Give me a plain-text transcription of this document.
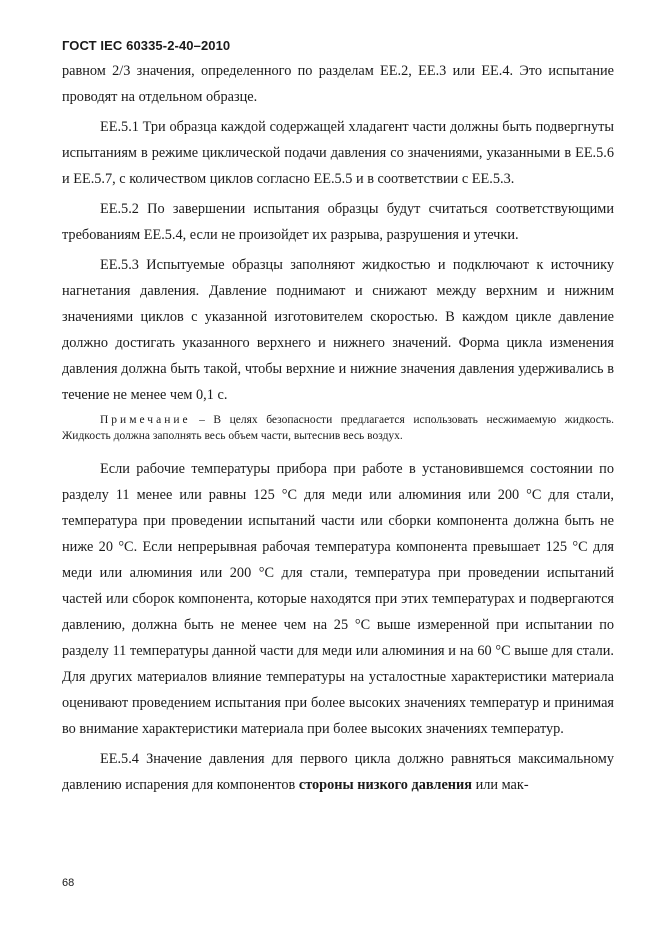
ГОСТ IEC 60335-2-40–2010

равном 2/3 значения, определенного по разделам EE.2, EE.3 или EE.4. Это испытание проводят на отдельном образце.

EE.5.1 Три образца каждой содержащей хладагент части должны быть подвергнуты испытаниям в режиме циклической подачи давления со значениями, указанными в EE.5.6 и EE.5.7, с количеством циклов согласно EE.5.5 и в соответствии с EE.5.3.

EE.5.2 По завершении испытания образцы будут считаться соответствующими требованиям EE.5.4, если не произойдет их разрыва, разрушения и утечки.

EE.5.3 Испытуемые образцы заполняют жидкостью и подключают к источнику нагнетания давления. Давление поднимают и снижают между верхним и нижним значениями циклов с указанной изготовителем скоростью. В каждом цикле давление должно достигать указанного верхнего и нижнего значений. Форма цикла изменения давления должна быть такой, чтобы верхние и нижние значения давления удерживались в течение не менее чем 0,1 с.

Примечание – В целях безопасности предлагается использовать несжимаемую жидкость. Жидкость должна заполнять весь объем части, вытеснив весь воздух.

Если рабочие температуры прибора при работе в установившемся состоянии по разделу 11 менее или равны 125 °С для меди или алюминия или 200 °С для стали, температура при проведении испытаний части или сборки компонента должна быть не ниже 20 °С. Если непрерывная рабочая температура компонента превышает 125 °С для меди или алюминия или 200 °С для стали, температура при проведении испытаний частей или сборок компонента, которые находятся при этих температурах и подвергаются давлению, должна быть не менее чем на 25 °С выше измеренной при испытании по разделу 11 температуры данной части для меди или алюминия и на 60 °С выше для стали. Для других материалов влияние температуры на усталостные характеристики материала оценивают проведением испытания при более высоких значениях температур и принимая во внимание характеристики материала при более высоких значениях температур.

EE.5.4 Значение давления для первого цикла должно равняться максимальному давлению испарения для компонентов стороны низкого давления или мак-

68
